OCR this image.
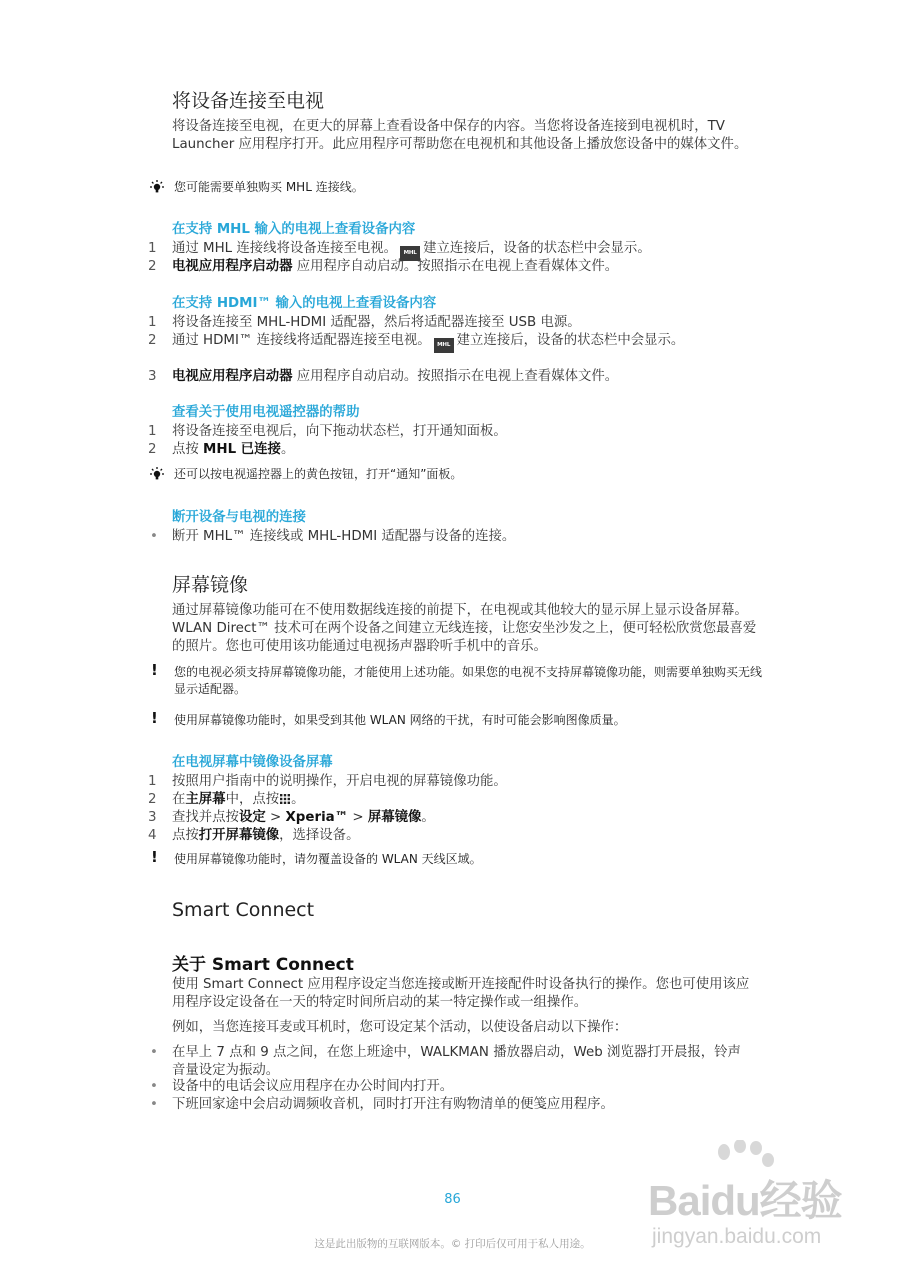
将设备连接至电视
将设备连接至电视，在更大的屏幕上查看设备中保存的内容。当您将设备连接到电视机时，TV Launcher 应用程序打开。此应用程序可帮助您在电视机和其他设备上播放您设备中的媒体文件。
您可能需要单独购买 MHL 连接线。
在支持 MHL 输入的电视上查看设备内容
1	通过 MHL 连接线将设备连接至电视。 MHL 建立连接后，设备的状态栏中会显示。
2	电视应用程序启动器 应用程序自动启动。按照指示在电视上查看媒体文件。
在支持 HDMI™ 输入的电视上查看设备内容
1	将设备连接至 MHL-HDMI 适配器，然后将适配器连接至 USB 电源。
2	通过 HDMI™ 连接线将适配器连接至电视。 MHL 建立连接后，设备的状态栏中会显示。
3	电视应用程序启动器 应用程序自动启动。按照指示在电视上查看媒体文件。
查看关于使用电视遥控器的帮助
1	将设备连接至电视后，向下拖动状态栏，打开通知面板。
2	点按 MHL 已连接。
还可以按电视遥控器上的黄色按钮，打开“通知”面板。
断开设备与电视的连接
• 断开 MHL™ 连接线或 MHL-HDMI 适配器与设备的连接。
屏幕镜像
通过屏幕镜像功能可在不使用数据线连接的前提下，在电视或其他较大的显示屏上显示设备屏幕。WLAN Direct™ 技术可在两个设备之间建立无线连接，让您安坐沙发之上，便可轻松欣赏您最喜爱的照片。您也可使用该功能通过电视扬声器聆听手机中的音乐。
! 您的电视必须支持屏幕镜像功能，才能使用上述功能。如果您的电视不支持屏幕镜像功能，则需要单独购买无线显示适配器。
! 使用屏幕镜像功能时，如果受到其他 WLAN 网络的干扰，有时可能会影响图像质量。
在电视屏幕中镜像设备屏幕
1	按照用户指南中的说明操作，开启电视的屏幕镜像功能。
2	在主屏幕中，点按 。
3	查找并点按设定 > Xperia™ > 屏幕镜像。
4	点按打开屏幕镜像，选择设备。
! 使用屏幕镜像功能时，请勿覆盖设备的 WLAN 天线区域。
Smart Connect
关于 Smart Connect
使用 Smart Connect 应用程序设定当您连接或断开连接配件时设备执行的操作。您也可使用该应用程序设定设备在一天的特定时间所启动的某一特定操作或一组操作。
例如，当您连接耳麦或耳机时，您可设定某个活动，以使设备启动以下操作：
• 在早上 7 点和 9 点之间，在您上班途中，WALKMAN 播放器启动，Web 浏览器打开晨报，铃声音量设定为振动。
• 设备中的电话会议应用程序在办公时间内打开。
• 下班回家途中会启动调频收音机，同时打开注有购物清单的便笺应用程序。
86
这是此出版物的互联网版本。© 打印后仅可用于私人用途。
Baidu经验
jingyan.baidu.com
